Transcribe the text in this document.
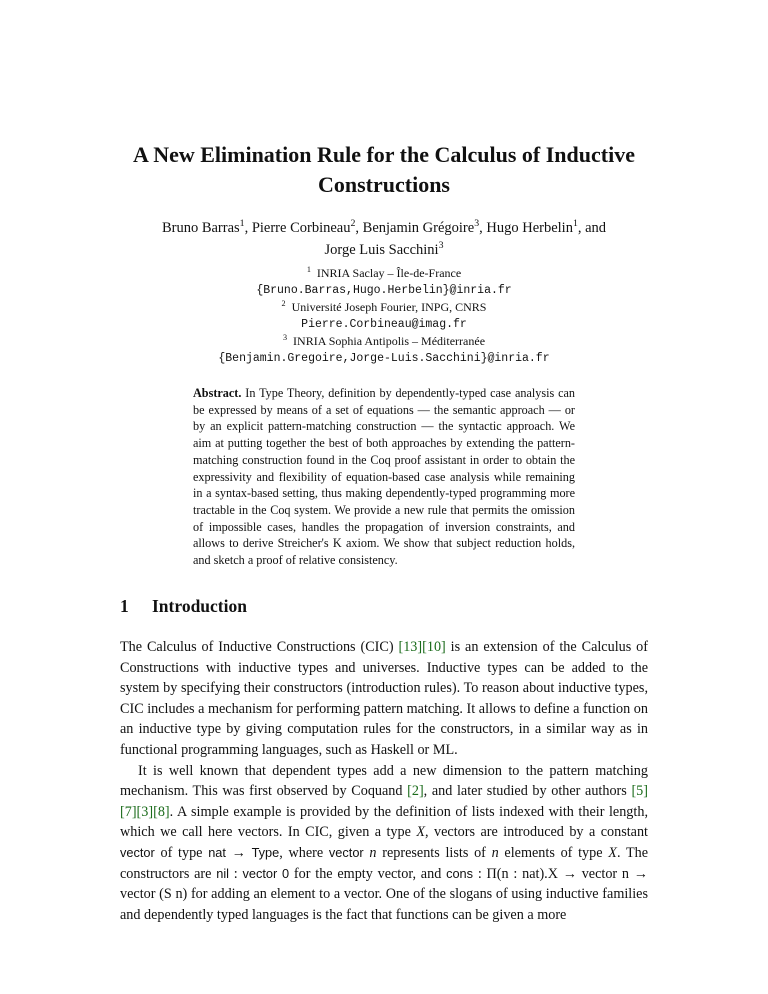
A New Elimination Rule for the Calculus of Inductive Constructions
Bruno Barras$^1$, Pierre Corbineau$^2$, Benjamin Grégoire$^3$, Hugo Herbelin$^1$, and
Jorge Luis Sacchini$^3$
$^1$ INRIA Saclay – Île-de-France
{Bruno.Barras,Hugo.Herbelin}@inria.fr
$^2$ Université Joseph Fourier, INPG, CNRS
Pierre.Corbineau@imag.fr
$^3$ INRIA Sophia Antipolis – Méditerranée
{Benjamin.Gregoire,Jorge-Luis.Sacchini}@inria.fr
Abstract. In Type Theory, definition by dependently-typed case analysis can be expressed by means of a set of equations — the semantic approach — or by an explicit pattern-matching construction — the syntactic approach. We aim at putting together the best of both approaches by extending the pattern-matching construction found in the Coq proof assistant in order to obtain the expressivity and flexibility of equation-based case analysis while remaining in a syntax-based setting, thus making dependently-typed programming more tractable in the Coq system. We provide a new rule that permits the omission of impossible cases, handles the propagation of inversion constraints, and allows to derive Streicher's K axiom. We show that subject reduction holds, and sketch a proof of relative consistency.
1 Introduction

The Calculus of Inductive Constructions (CIC) [13][10] is an extension of the Calculus of Constructions with inductive types and universes. Inductive types can be added to the system by specifying their constructors (introduction rules). To reason about inductive types, CIC includes a mechanism for performing pattern matching. It allows to define a function on an inductive type by giving computation rules for the constructors, in a similar way as in functional programming languages, such as Haskell or ML.

It is well known that dependent types add a new dimension to the pattern matching mechanism. This was first observed by Coquand [2], and later studied by other authors [5][7][3][8]. A simple example is provided by the definition of lists indexed with their length, which we call here vectors. In CIC, given a type X, vectors are introduced by a constant vector of type nat → Type, where vector n represents lists of n elements of type X. The constructors are nil : vector 0 for the empty vector, and cons : Π(n : nat).X → vector n → vector (S n) for adding an element to a vector. One of the slogans of using inductive families and dependently typed languages is the fact that functions can be given a more
